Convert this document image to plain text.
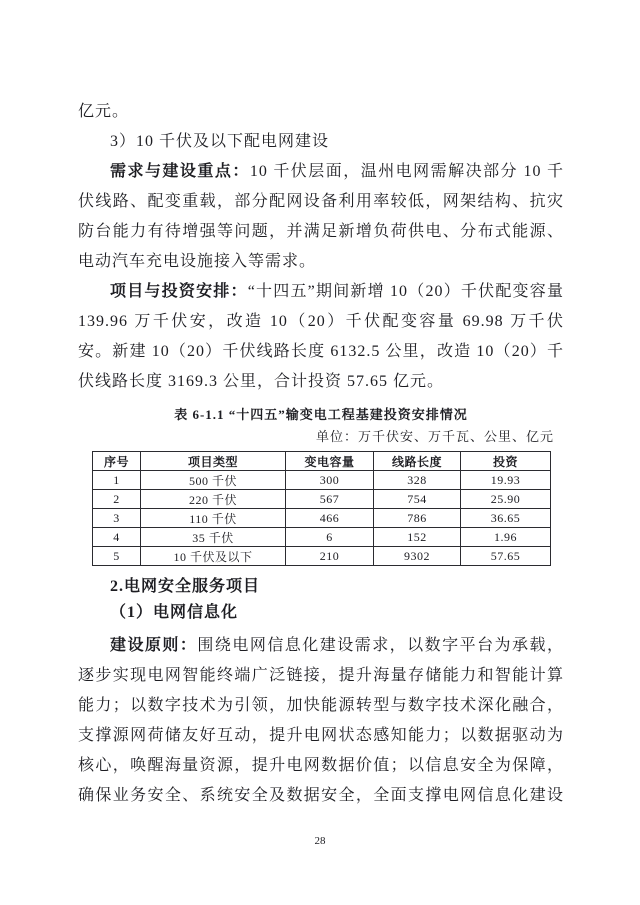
亿元。

3）10 千伏及以下配电网建设

需求与建设重点：10 千伏层面，温州电网需解决部分 10 千伏线路、配变重载，部分配网设备利用率较低，网架结构、抗灾防台能力有待增强等问题，并满足新增负荷供电、分布式能源、电动汽车充电设施接入等需求。

项目与投资安排：“十四五”期间新增 10（20）千伏配变容量 139.96 万千伏安，改造 10（20）千伏配变容量 69.98 万千伏安。新建 10（20）千伏线路长度 6132.5 公里，改造 10（20）千伏线路长度 3169.3 公里，合计投资 57.65 亿元。

表 6-1.1 “十四五”输变电工程基建投资安排情况

单位：万千伏安、万千瓦、公里、亿元

序号	项目类型	变电容量	线路长度	投资
1	500 千伏	300	328	19.93
2	220 千伏	567	754	25.90
3	110 千伏	466	786	36.65
4	35 千伏	6	152	1.96
5	10 千伏及以下	210	9302	57.65

2.电网安全服务项目

（1）电网信息化

建设原则：围绕电网信息化建设需求，以数字平台为承载，逐步实现电网智能终端广泛链接，提升海量存储能力和智能计算能力；以数字技术为引领，加快能源转型与数字技术深化融合，支撑源网荷储友好互动，提升电网状态感知能力；以数据驱动为核心，唤醒海量资源，提升电网数据价值；以信息安全为保障，确保业务安全、系统安全及数据安全，全面支撑电网信息化建设

28
